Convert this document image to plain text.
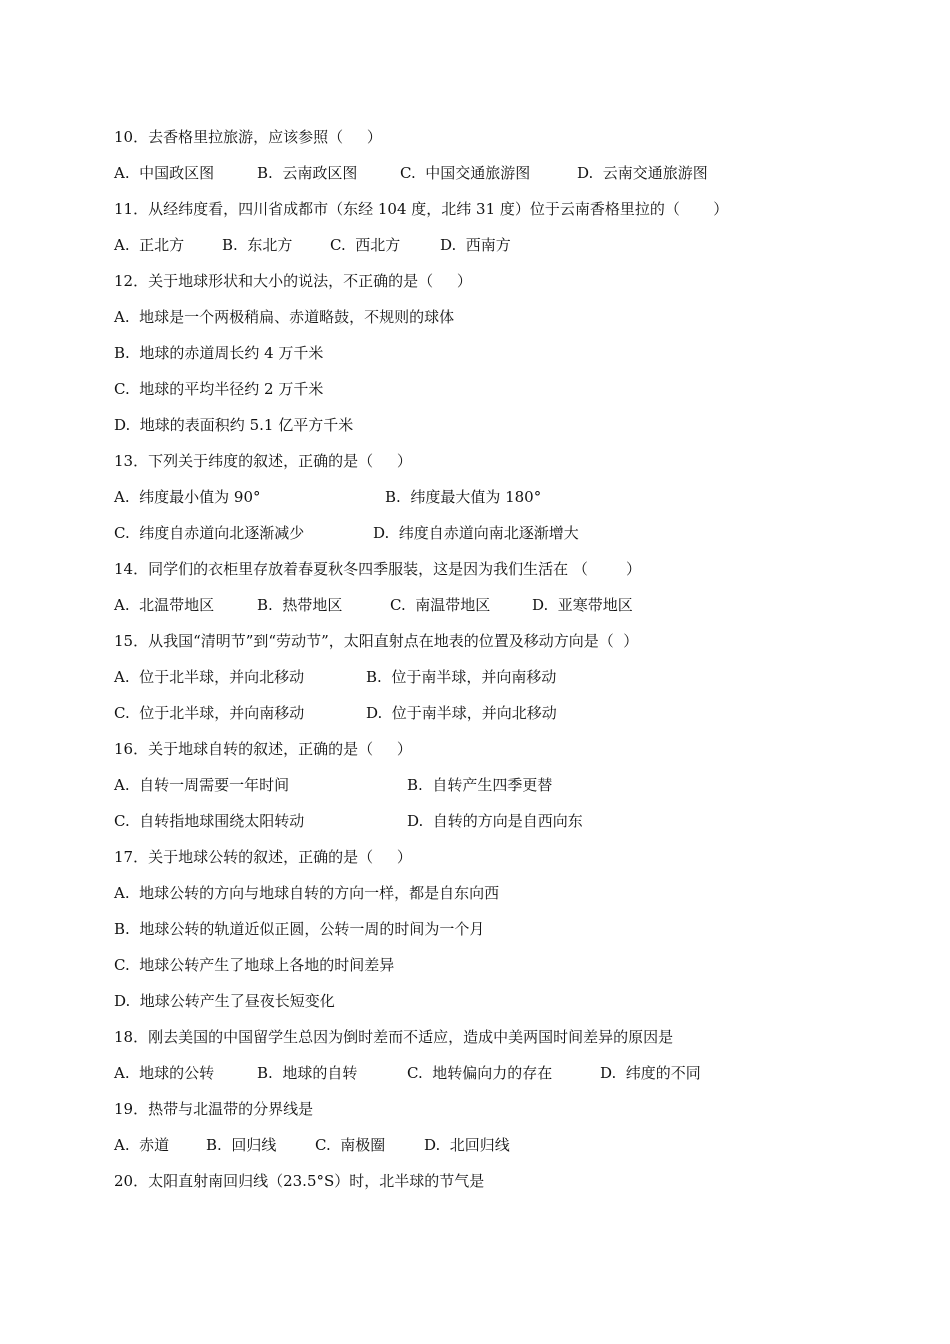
10．去香格里拉旅游，应该参照（     ）
A.  中国政区图	B.  云南政区图	C.  中国交通旅游图	D.  云南交通旅游图
11．从经纬度看，四川省成都市（东经 104 度，北纬 31 度）位于云南香格里拉的（       ）
A.  正北方	B.  东北方	C.  西北方	D.  西南方
12．关于地球形状和大小的说法，不正确的是（     ）
A.  地球是一个两极稍扁、赤道略鼓，不规则的球体
B.  地球的赤道周长约 4 万千米
C.  地球的平均半径约 2 万千米
D.  地球的表面积约 5.1 亿平方千米
13．下列关于纬度的叙述，正确的是（     ）
A.  纬度最小值为 90°	B.  纬度最大值为 180°
C.  纬度自赤道向北逐渐减少	D.  纬度自赤道向南北逐渐增大
14．同学们的衣柜里存放着春夏秋冬四季服装，这是因为我们生活在 （        ）
A.  北温带地区	B.  热带地区	C.  南温带地区	D.  亚寒带地区
15．从我国“清明节”到“劳动节”，太阳直射点在地表的位置及移动方向是（  ）
A.  位于北半球，并向北移动	B.  位于南半球，并向南移动
C.  位于北半球，并向南移动	D.  位于南半球，并向北移动
16．关于地球自转的叙述，正确的是（     ）
A.  自转一周需要一年时间	B.  自转产生四季更替
C.  自转指地球围绕太阳转动	D.  自转的方向是自西向东
17．关于地球公转的叙述，正确的是（     ）
A.  地球公转的方向与地球自转的方向一样，都是自东向西
B.  地球公转的轨道近似正圆，公转一周的时间为一个月
C.  地球公转产生了地球上各地的时间差异
D.  地球公转产生了昼夜长短变化
18．刚去美国的中国留学生总因为倒时差而不适应，造成中美两国时间差异的原因是
A.  地球的公转	B.  地球的自转	C.  地转偏向力的存在	D.  纬度的不同
19．热带与北温带的分界线是
A.  赤道 B.  回归线	C.  南极圈	D.  北回归线
20．太阳直射南回归线（23.5°S）时，北半球的节气是
